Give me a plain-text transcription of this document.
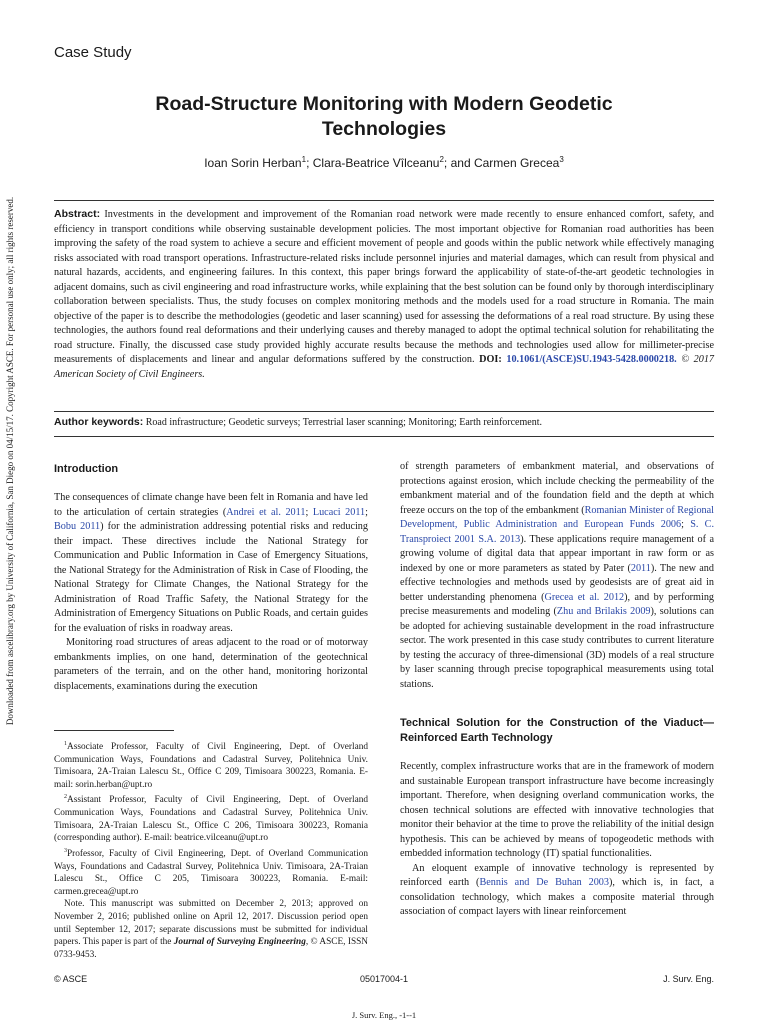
Case Study
Road-Structure Monitoring with Modern Geodetic
Technologies
Ioan Sorin Herban$^1$; Clara-Beatrice Vîlceanu$^2$; and Carmen Grecea$^3$
Downloaded from ascelibrary.org by University of California, San Diego on 04/15/17. Copyright ASCE. For personal use only; all rights reserved.	Abstract: Investments in the development and improvement of the Romanian road network were made recently to ensure enhanced comfort, safety, and efficiency in transport conditions while observing sustainable development policies. The most important objective for Romanian road authorities has been improving the safety of the road system to achieve a secure and efficient movement of people and goods within the public network while effectively managing risks associated with road transport operations. Infrastructure-related risks include personnel injuries and material damages, which can result from physical and natural hazards, accidents, and engineering failures. In this context, this paper brings forward the applicability of state-of-the-art geodetic technologies in adjacent domains, such as civil engineering and road infrastructure works, while explaining that the best solution can be found only by thorough interdisciplinary collaboration between specialists. Thus, the study focuses on complex monitoring methods and the models used for a road structure in Romania. The main objective of the paper is to describe the methodologies (geodetic and laser scanning) used for assessing the deformations of a real road structure. By using these technologies, the authors found real deformations and their underlying causes and thereby managed to adopt the optimal technical solution for rehabilitating the road structure. Finally, the discussed case study provided highly accurate results because the methods and technologies used allow for millimeter-precise measurements of displacements and linear and angular deformations suffered by the construction. DOI: 10.1061/(ASCE)SU.1943-5428.0000218. © 2017 American Society of Civil Engineers.
Author keywords: Road infrastructure; Geodetic surveys; Terrestrial laser scanning; Monitoring; Earth reinforcement.
Introduction

The consequences of climate change have been felt in Romania and have led to the articulation of certain strategies (Andrei et al. 2011; Lucaci 2011; Bobu 2011) for the administration addressing potential risks and reducing their impact. These directives include the National Strategy for Communication and Public Information in Case of Emergency Situations, the National Strategy for the Administration of Risk in Case of Flooding, the National Strategy for Climate Changes, the National Strategy for the Administration of Road Traffic Safety, the National Strategy for the Administration of Emergency Situations on Public Roads, and certain guides for the evaluation of risks in roadway areas.

Monitoring road structures of areas adjacent to the road or of motorway embankments implies, on one hand, determination of the geotechnical parameters of the terrain, and on the other hand, monitoring horizontal displacements, examinations during the execution

$^1$Associate Professor, Faculty of Civil Engineering, Dept. of Overland Communication Ways, Foundations and Cadastral Survey, Politehnica Univ. Timisoara, 2A-Traian Lalescu St., Office C 209, Timisoara 300223, Romania. E-mail: sorin.herban@upt.ro

$^2$Assistant Professor, Faculty of Civil Engineering, Dept. of Overland Communication Ways, Foundations and Cadastral Survey, Politehnica Univ. Timisoara, 2A-Traian Lalescu St., Office C 206, Timisoara 300223, Romania (corresponding author). E-mail: beatrice.vilceanu@upt.ro

$^3$Professor, Faculty of Civil Engineering, Dept. of Overland Communication Ways, Foundations and Cadastral Survey, Politehnica Univ. Timisoara, 2A-Traian Lalescu St., Office C 205, Timisoara 300223, Romania. E-mail: carmen.grecea@upt.ro

Note. This manuscript was submitted on December 2, 2013; approved on November 2, 2016; published online on April 12, 2017. Discussion period open until September 12, 2017; separate discussions must be submitted for individual papers. This paper is part of the Journal of Surveying Engineering, © ASCE, ISSN 0733-9453.

of strength parameters of embankment material, and observations of protections against erosion, which include checking the permeability of the embankment material and of the foundation field and the depth at which freeze occurs on the top of the embankment (Romanian Minister of Regional Development, Public Administration and European Funds 2006; S. C. Transproiect 2001 S.A. 2013). These applications require management of a growing volume of digital data that appear important in raw form or as indexed by one or more parameters as stated by Pater (2011). The new and effective technologies and methods used by geodesists are of great aid in better understanding phenomena (Grecea et al. 2012), and by performing precise measurements and modeling (Zhu and Brilakis 2009), solutions can be adopted for achieving sustainable development in the road infrastructure sector. The work presented in this case study contributes to current literature by testing the accuracy of three-dimensional (3D) models of a real structure by laser scanning through precise topographical measurements using total stations.

Technical Solution for the Construction of the Viaduct—Reinforced Earth Technology

Recently, complex infrastructure works that are in the framework of modern and sustainable European transport infrastructure have become increasingly important. Therefore, when designing overland communication works, the chosen technical solutions are effected with innovative technologies that monitor their behavior at the time to prove the reliability of the initial design hypothesis. This can be achieved by means of topogeodetic methods with embedded information technology (IT) spatial functionalities.

An eloquent example of innovative technology is represented by reinforced earth (Bennis and De Buhan 2003), which is, in fact, a consolidation technology, which makes a composite material through association of compact layers with linear reinforcement

© ASCE	05017004-1	J. Surv. Eng.
J. Surv. Eng., -1--1
